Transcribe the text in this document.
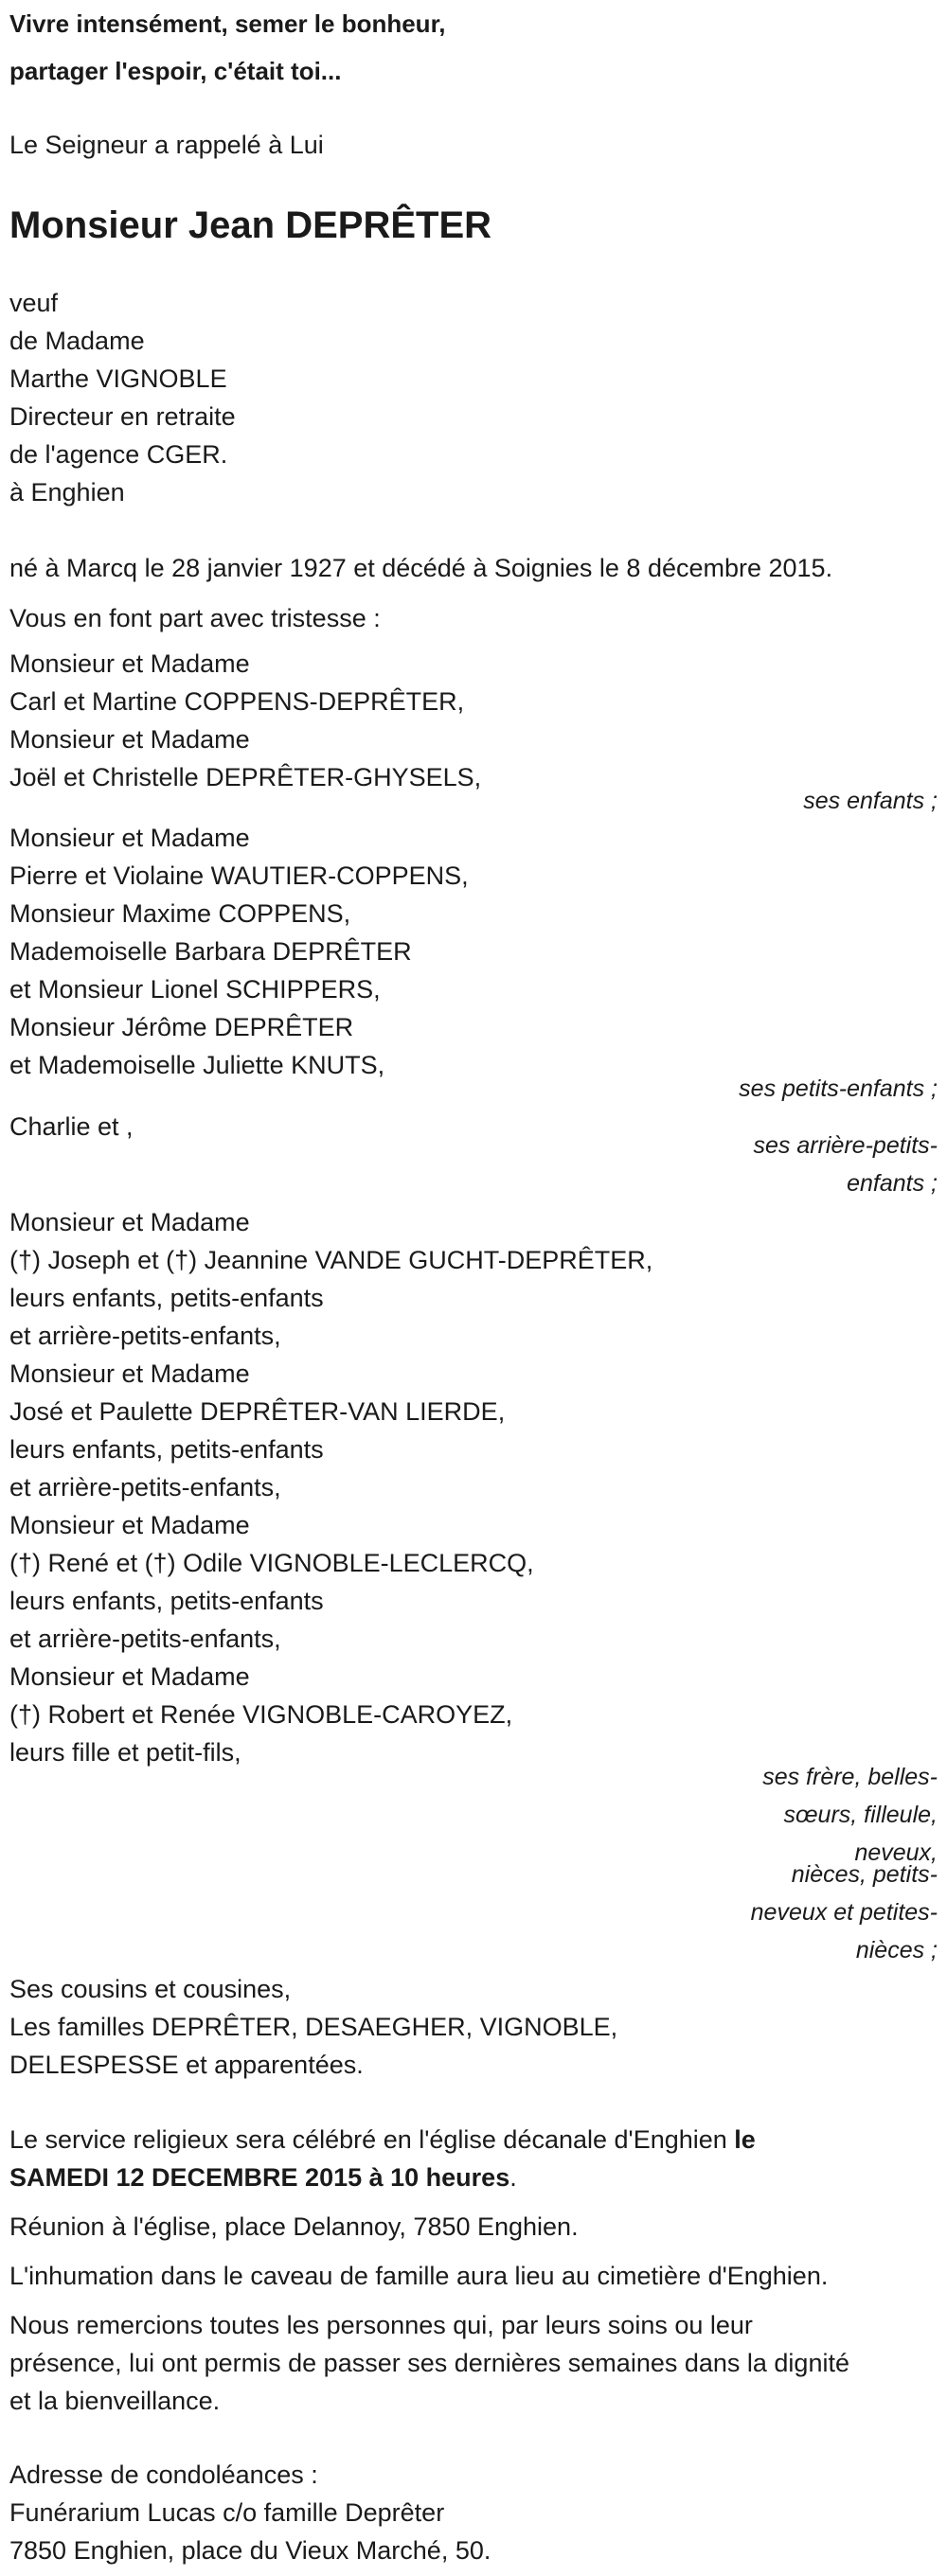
Vivre intensément, semer le bonheur,
partager l'espoir, c'était toi...
Le Seigneur a rappelé à Lui
Monsieur Jean DEPRÊTER
veuf
de Madame
Marthe VIGNOBLE
Directeur en retraite
de l'agence CGER.
à Enghien
né à Marcq le 28 janvier 1927 et décédé à Soignies le 8 décembre 2015.
Vous en font part avec tristesse :
Monsieur et Madame
Carl et Martine COPPENS-DEPRÊTER,
Monsieur et Madame
Joël et Christelle DEPRÊTER-GHYSELS,
ses enfants ;
Monsieur et Madame
Pierre et Violaine WAUTIER-COPPENS,
Monsieur Maxime COPPENS,
Mademoiselle Barbara DEPRÊTER
et Monsieur Lionel SCHIPPERS,
Monsieur Jérôme DEPRÊTER
et Mademoiselle Juliette KNUTS,
ses petits-enfants ;
Charlie et ,
ses arrière-petits-
enfants ;
Monsieur et Madame
(†) Joseph et (†) Jeannine VANDE GUCHT-DEPRÊTER,
leurs enfants, petits-enfants
et arrière-petits-enfants,
Monsieur et Madame
José et Paulette DEPRÊTER-VAN LIERDE,
leurs enfants, petits-enfants
et arrière-petits-enfants,
Monsieur et Madame
(†) René et (†) Odile VIGNOBLE-LECLERCQ,
leurs enfants, petits-enfants
et arrière-petits-enfants,
Monsieur et Madame
(†) Robert et Renée VIGNOBLE-CAROYEZ,
leurs fille et petit-fils,
ses frère, belles-
sœurs, filleule,
neveux,
nièces, petits-
neveux et petites-
nièces ;
Ses cousins et cousines,
Les familles DEPRÊTER, DESAEGHER, VIGNOBLE,
DELESPESSE et apparentées.
Le service religieux sera célébré en l'église décanale d'Enghien le
SAMEDI 12 DECEMBRE 2015 à 10 heures.
Réunion à l'église, place Delannoy, 7850 Enghien.
L'inhumation dans le caveau de famille aura lieu au cimetière d'Enghien.
Nous remercions toutes les personnes qui, par leurs soins ou leur
présence, lui ont permis de passer ses dernières semaines dans la dignité
et la bienveillance.
Adresse de condoléances :
Funérarium Lucas c/o famille Deprêter
7850 Enghien, place du Vieux Marché, 50.
